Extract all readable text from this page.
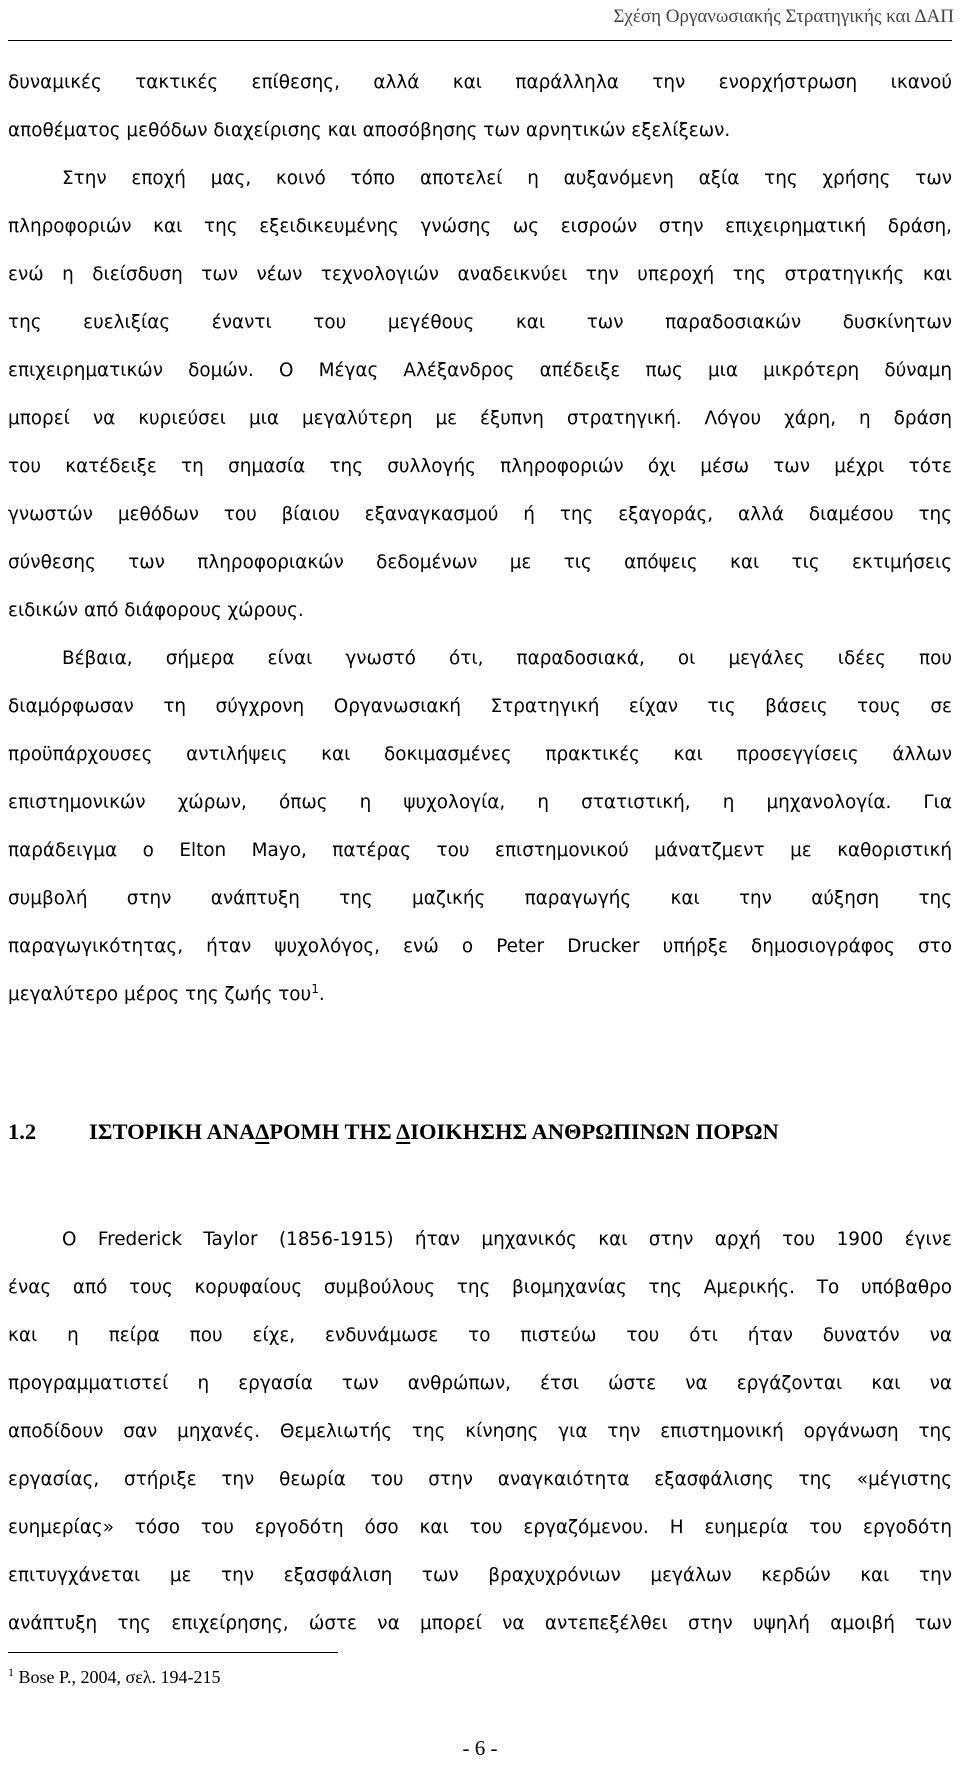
Σχέση Οργανωσιακής Στρατηγικής και ΔΑΠ

δυναμικές τακτικές επίθεσης, αλλά και παράλληλα την ενορχήστρωση ικανού

αποθέματος μεθόδων διαχείρισης και αποσόβησης των αρνητικών εξελίξεων.

Στην εποχή μας, κοινό τόπο αποτελεί η αυξανόμενη αξία της χρήσης των

πληροφοριών και της εξειδικευμένης γνώσης ως εισροών στην επιχειρηματική δράση,

ενώ η διείσδυση των νέων τεχνολογιών αναδεικνύει την υπεροχή της στρατηγικής και

της ευελιξίας έναντι του μεγέθους και των παραδοσιακών δυσκίνητων

επιχειρηματικών δομών. Ο Μέγας Αλέξανδρος απέδειξε πως μια μικρότερη δύναμη

μπορεί να κυριεύσει μια μεγαλύτερη με έξυπνη στρατηγική. Λόγου χάρη, η δράση

του κατέδειξε τη σημασία της συλλογής πληροφοριών όχι μέσω των μέχρι τότε

γνωστών μεθόδων του βίαιου εξαναγκασμού ή της εξαγοράς, αλλά διαμέσου της

σύνθεσης των πληροφοριακών δεδομένων με τις απόψεις και τις εκτιμήσεις

ειδικών από διάφορους χώρους.

Βέβαια, σήμερα είναι γνωστό ότι, παραδοσιακά, οι μεγάλες ιδέες που

διαμόρφωσαν τη σύγχρονη Οργανωσιακή Στρατηγική είχαν τις βάσεις τους σε

προϋπάρχουσες αντιλήψεις και δοκιμασμένες πρακτικές και προσεγγίσεις άλλων

επιστημονικών χώρων, όπως η ψυχολογία, η στατιστική, η μηχανολογία. Για

παράδειγμα ο Elton Mayo, πατέρας του επιστημονικού μάνατζμεντ με καθοριστική

συμβολή στην ανάπτυξη της μαζικής παραγωγής και την αύξηση της

παραγωγικότητας, ήταν ψυχολόγος, ενώ ο Peter Drucker υπήρξε δημοσιογράφος στο

μεγαλύτερο μέρος της ζωής του$^1$.

1.2 ΙΣΤΟΡΙΚΗ ΑΝΑΔΡΟΜΗ ΤΗΣ ΔΙΟΙΚΗΣΗΣ ΑΝΘΡΩΠΙΝΩΝ ΠΟΡΩΝ

Ο Frederick Taylor (1856-1915) ήταν μηχανικός και στην αρχή του 1900 έγινε

ένας από τους κορυφαίους συμβούλους της βιομηχανίας της Αμερικής. Το υπόβαθρο

και η πείρα που είχε, ενδυνάμωσε το πιστεύω του ότι ήταν δυνατόν να

προγραμματιστεί η εργασία των ανθρώπων, έτσι ώστε να εργάζονται και να

αποδίδουν σαν μηχανές. Θεμελιωτής της κίνησης για την επιστημονική οργάνωση της

εργασίας, στήριξε την θεωρία του στην αναγκαιότητα εξασφάλισης της «μέγιστης

ευημερίας» τόσο του εργοδότη όσο και του εργαζόμενου. Η ευημερία του εργοδότη

επιτυγχάνεται με την εξασφάλιση των βραχυχρόνιων μεγάλων κερδών και την

ανάπτυξη της επιχείρησης, ώστε να μπορεί να αντεπεξέλθει στην υψηλή αμοιβή των

$^1$ Bose P., 2004, σελ. 194-215

- 6 -
